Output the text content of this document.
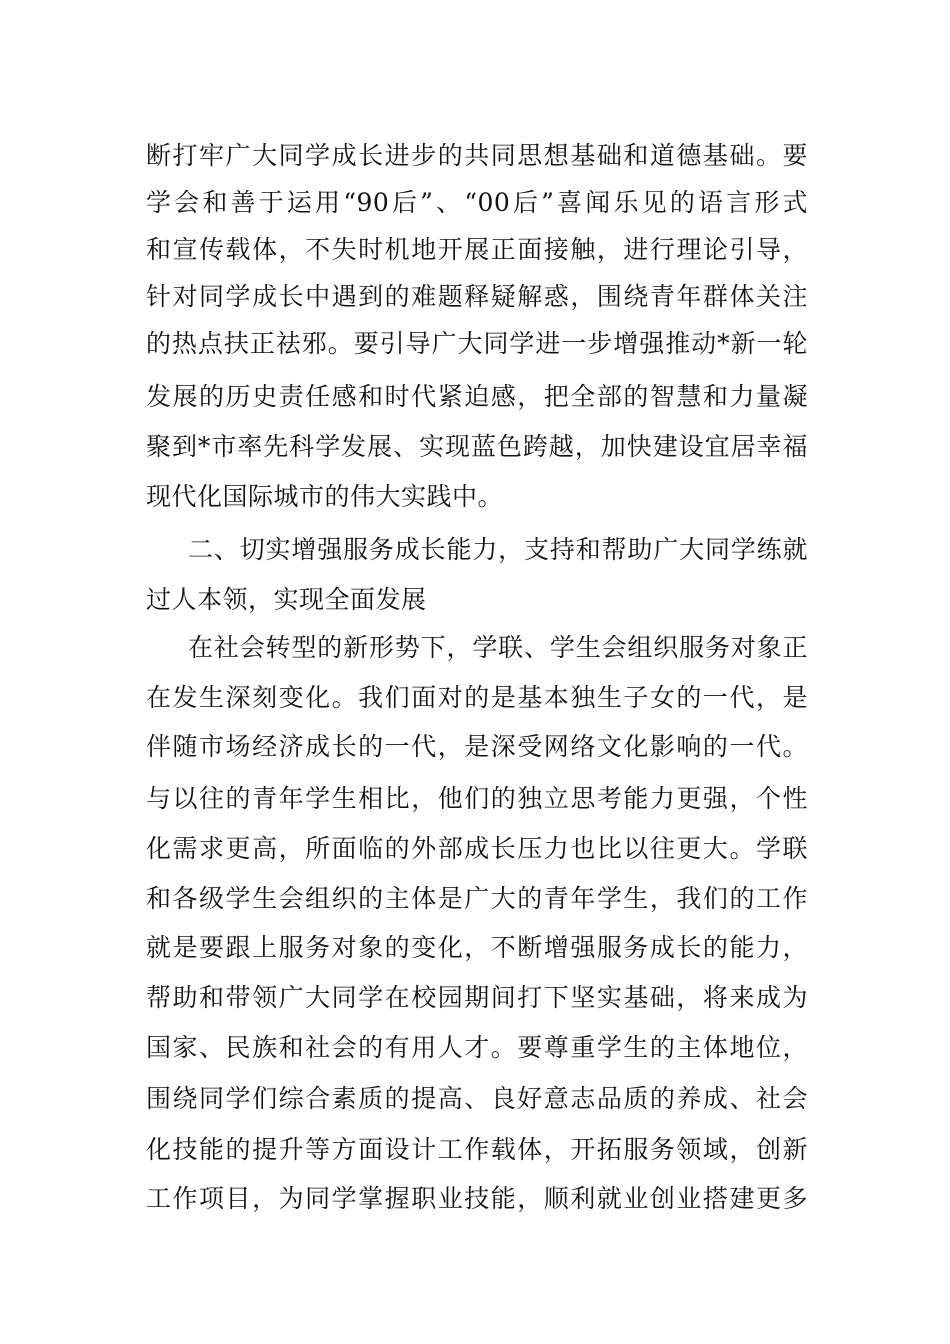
断打牢广大同学成长进步的共同思想基础和道德基础。要
学会和善于运用“90后”、“00后”喜闻乐见的语言形式
和宣传载体，不失时机地开展正面接触，进行理论引导，
针对同学成长中遇到的难题释疑解惑，围绕青年群体关注
的热点扶正祛邪。要引导广大同学进一步增强推动*新一轮
发展的历史责任感和时代紧迫感，把全部的智慧和力量凝
聚到*市率先科学发展、实现蓝色跨越，加快建设宜居幸福
现代化国际城市的伟大实践中。
二、切实增强服务成长能力，支持和帮助广大同学练就
过人本领，实现全面发展
在社会转型的新形势下，学联、学生会组织服务对象正
在发生深刻变化。我们面对的是基本独生子女的一代，是
伴随市场经济成长的一代，是深受网络文化影响的一代。
与以往的青年学生相比，他们的独立思考能力更强，个性
化需求更高，所面临的外部成长压力也比以往更大。学联
和各级学生会组织的主体是广大的青年学生，我们的工作
就是要跟上服务对象的变化，不断增强服务成长的能力，
帮助和带领广大同学在校园期间打下坚实基础，将来成为
国家、民族和社会的有用人才。要尊重学生的主体地位，
围绕同学们综合素质的提高、良好意志品质的养成、社会
化技能的提升等方面设计工作载体，开拓服务领域，创新
工作项目，为同学掌握职业技能，顺利就业创业搭建更多
